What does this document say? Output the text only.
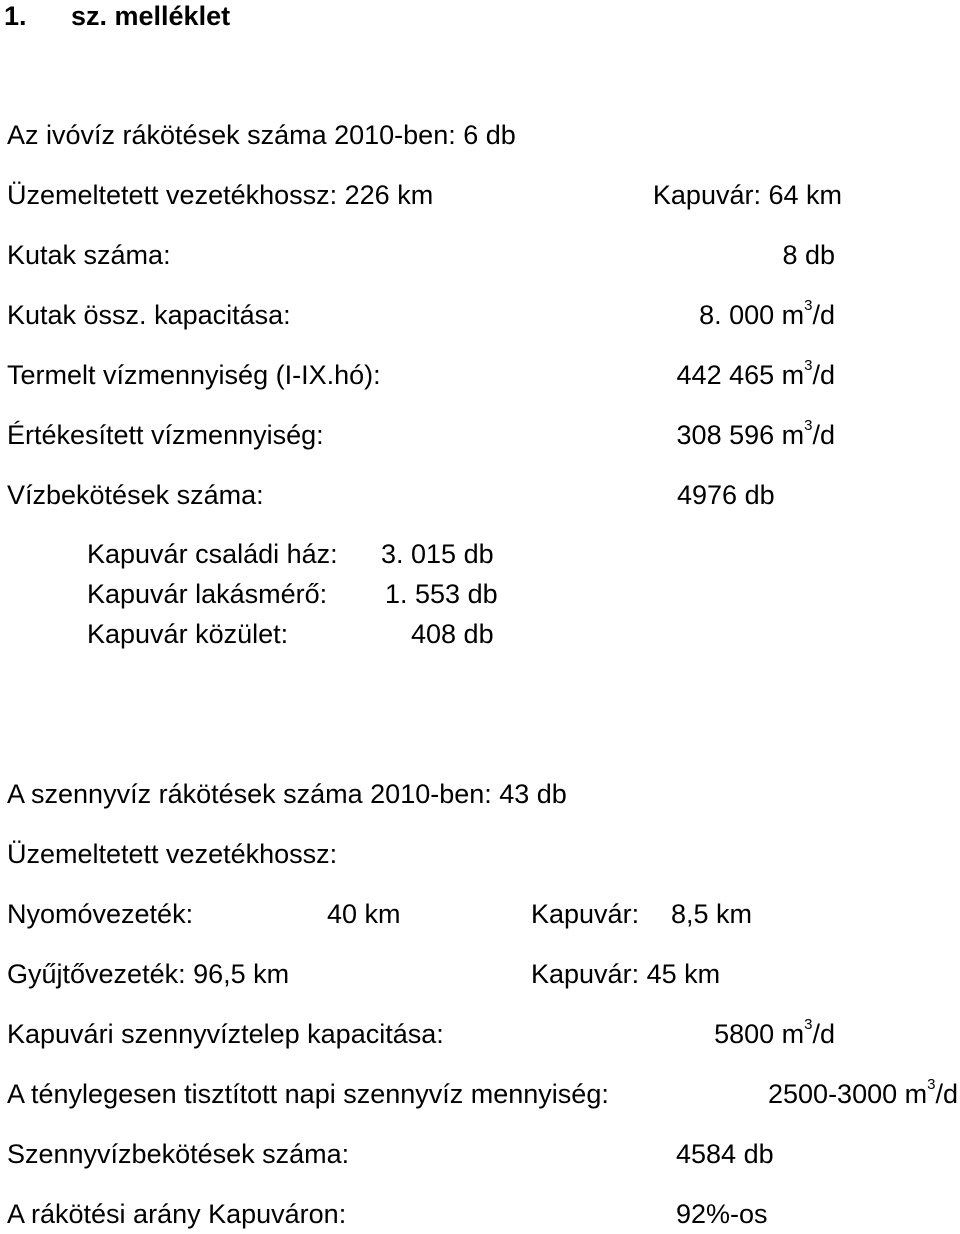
1. sz. melléklet
Az ivóvíz rákötések száma 2010-ben: 6 db
Üzemeltetett vezetékhossz: 226 km	Kapuvár: 64 km
Kutak száma:	8 db
Kutak össz. kapacitása:	8. 000 $m^3/d$
Termelt vízmennyiség (I-IX.hó):	442 465 $m^3/d$
Értékesített vízmennyiség:	308 596 $m^3/d$
Vízbekötések száma:	4976 db
Kapuvár családi ház: 3. 015 db
Kapuvár lakásmérő: 1. 553 db
Kapuvár közület:	408 db
A szennyvíz rákötések száma 2010-ben: 43 db
Üzemeltetett vezetékhossz:
Nyomóvezeték:	40 km	Kapuvár: 8,5 km
Gyűjtővezeték: 96,5 km	Kapuvár: 45 km
Kapuvári szennyvíztelep kapacitása:	5800 $m^3/d$
A ténylegesen tisztított napi szennyvíz mennyiség:	2500-3000 $m^3/d$
Szennyvízbekötések száma:	4584 db
A rákötési arány Kapuváron:	92%-os
